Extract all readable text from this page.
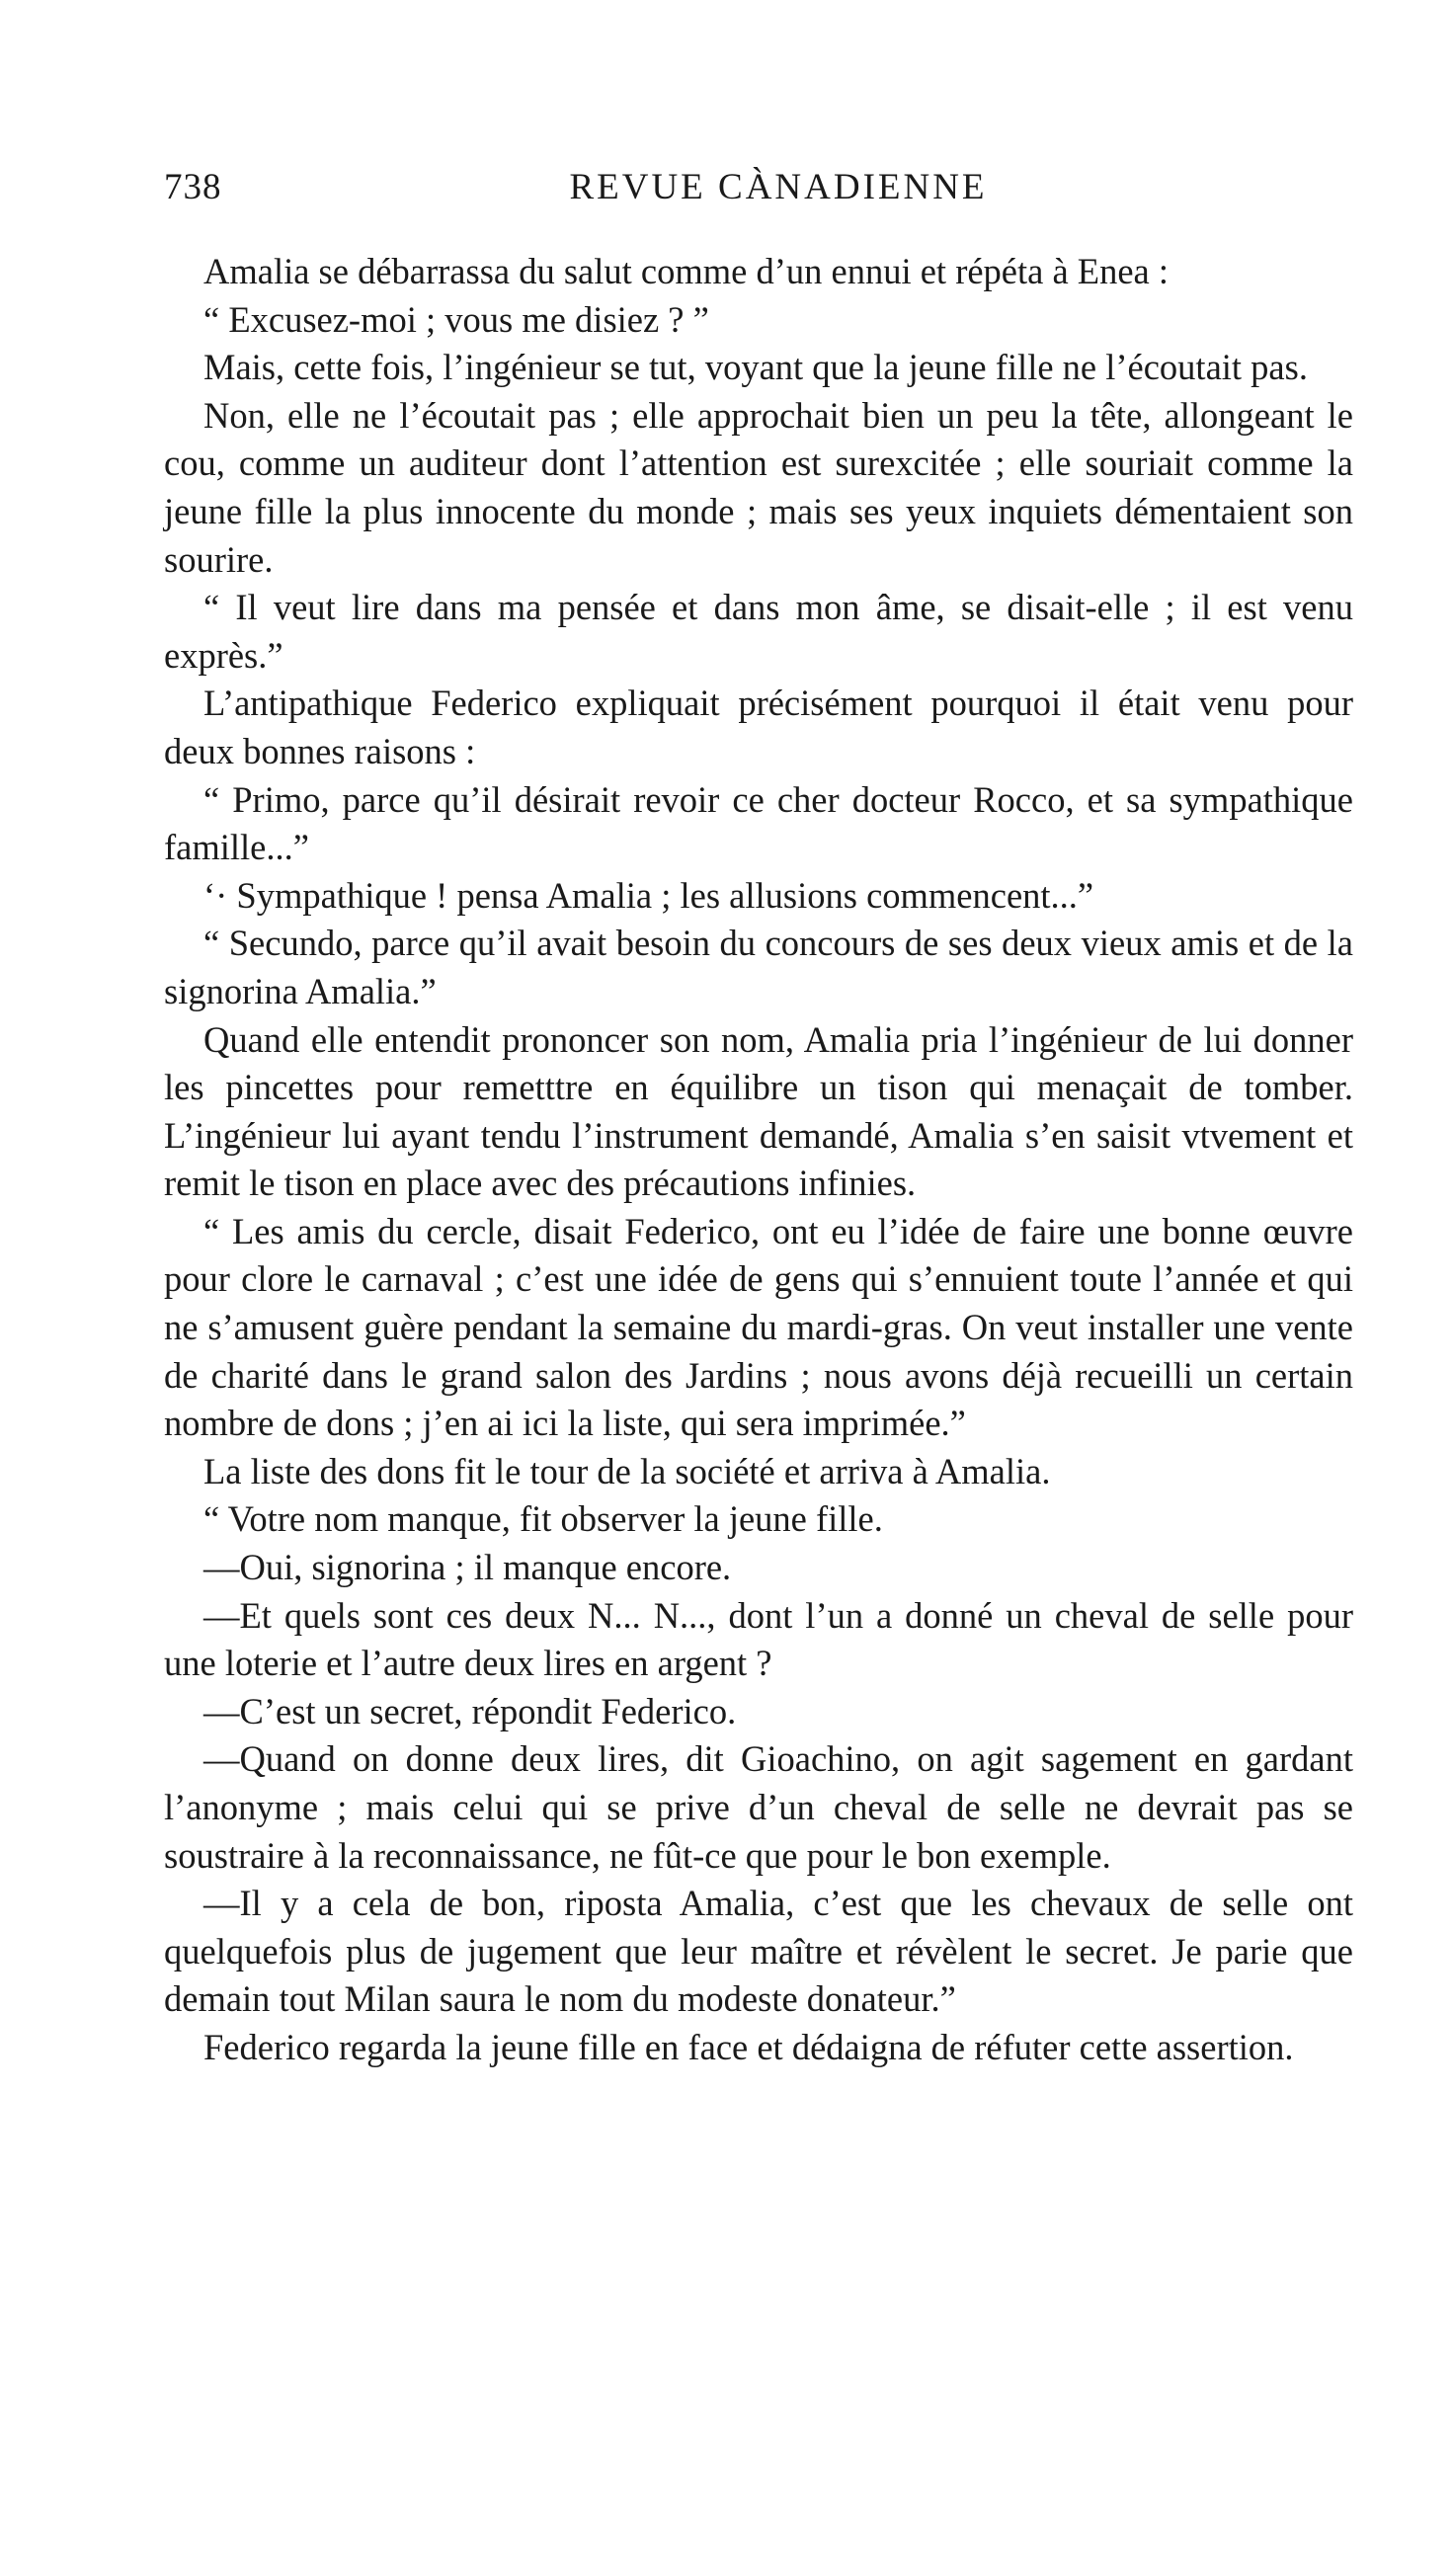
738	REVUE CÀNADIENNE

Amalia se débarrassa du salut comme d’un ennui et répéta à Enea :

“ Excusez-moi ; vous me disiez ? ”

Mais, cette fois, l’ingénieur se tut, voyant que la jeune fille ne l’écoutait pas.

Non, elle ne l’écoutait pas ; elle approchait bien un peu la tête, allongeant le cou, comme un auditeur dont l’attention est surexcitée ; elle souriait comme la jeune fille la plus innocente du monde ; mais ses yeux inquiets démentaient son sourire.

“ Il veut lire dans ma pensée et dans mon âme, se disait-elle ; il est venu exprès.”

L’antipathique Federico expliquait précisément pourquoi il était venu pour deux bonnes raisons :

“ Primo, parce qu’il désirait revoir ce cher docteur Rocco, et sa sympathique famille...”

‘· Sympathique ! pensa Amalia ; les allusions commencent...”

“ Secundo, parce qu’il avait besoin du concours de ses deux vieux amis et de la signorina Amalia.”

Quand elle entendit prononcer son nom, Amalia pria l’ingénieur de lui donner les pincettes pour remetttre en équilibre un tison qui menaçait de tomber. L’ingénieur lui ayant tendu l’instrument demandé, Amalia s’en saisit vtvement et remit le tison en place avec des précautions infinies.

“ Les amis du cercle, disait Federico, ont eu l’idée de faire une bonne œuvre pour clore le carnaval ; c’est une idée de gens qui s’ennuient toute l’année et qui ne s’amusent guère pendant la semaine du mardi-gras. On veut installer une vente de charité dans le grand salon des Jardins ; nous avons déjà recueilli un certain nombre de dons ; j’en ai ici la liste, qui sera imprimée.”

La liste des dons fit le tour de la société et arriva à Amalia.

“ Votre nom manque, fit observer la jeune fille.

—Oui, signorina ; il manque encore.

—Et quels sont ces deux N... N..., dont l’un a donné un cheval de selle pour une loterie et l’autre deux lires en argent ?

—C’est un secret, répondit Federico.

—Quand on donne deux lires, dit Gioachino, on agit sagement en gardant l’anonyme ; mais celui qui se prive d’un cheval de selle ne devrait pas se soustraire à la reconnaissance, ne fût-ce que pour le bon exemple.

—Il y a cela de bon, riposta Amalia, c’est que les chevaux de selle ont quelquefois plus de jugement que leur maître et révèlent le secret. Je parie que demain tout Milan saura le nom du modeste donateur.”

Federico regarda la jeune fille en face et dédaigna de réfuter cette assertion.
